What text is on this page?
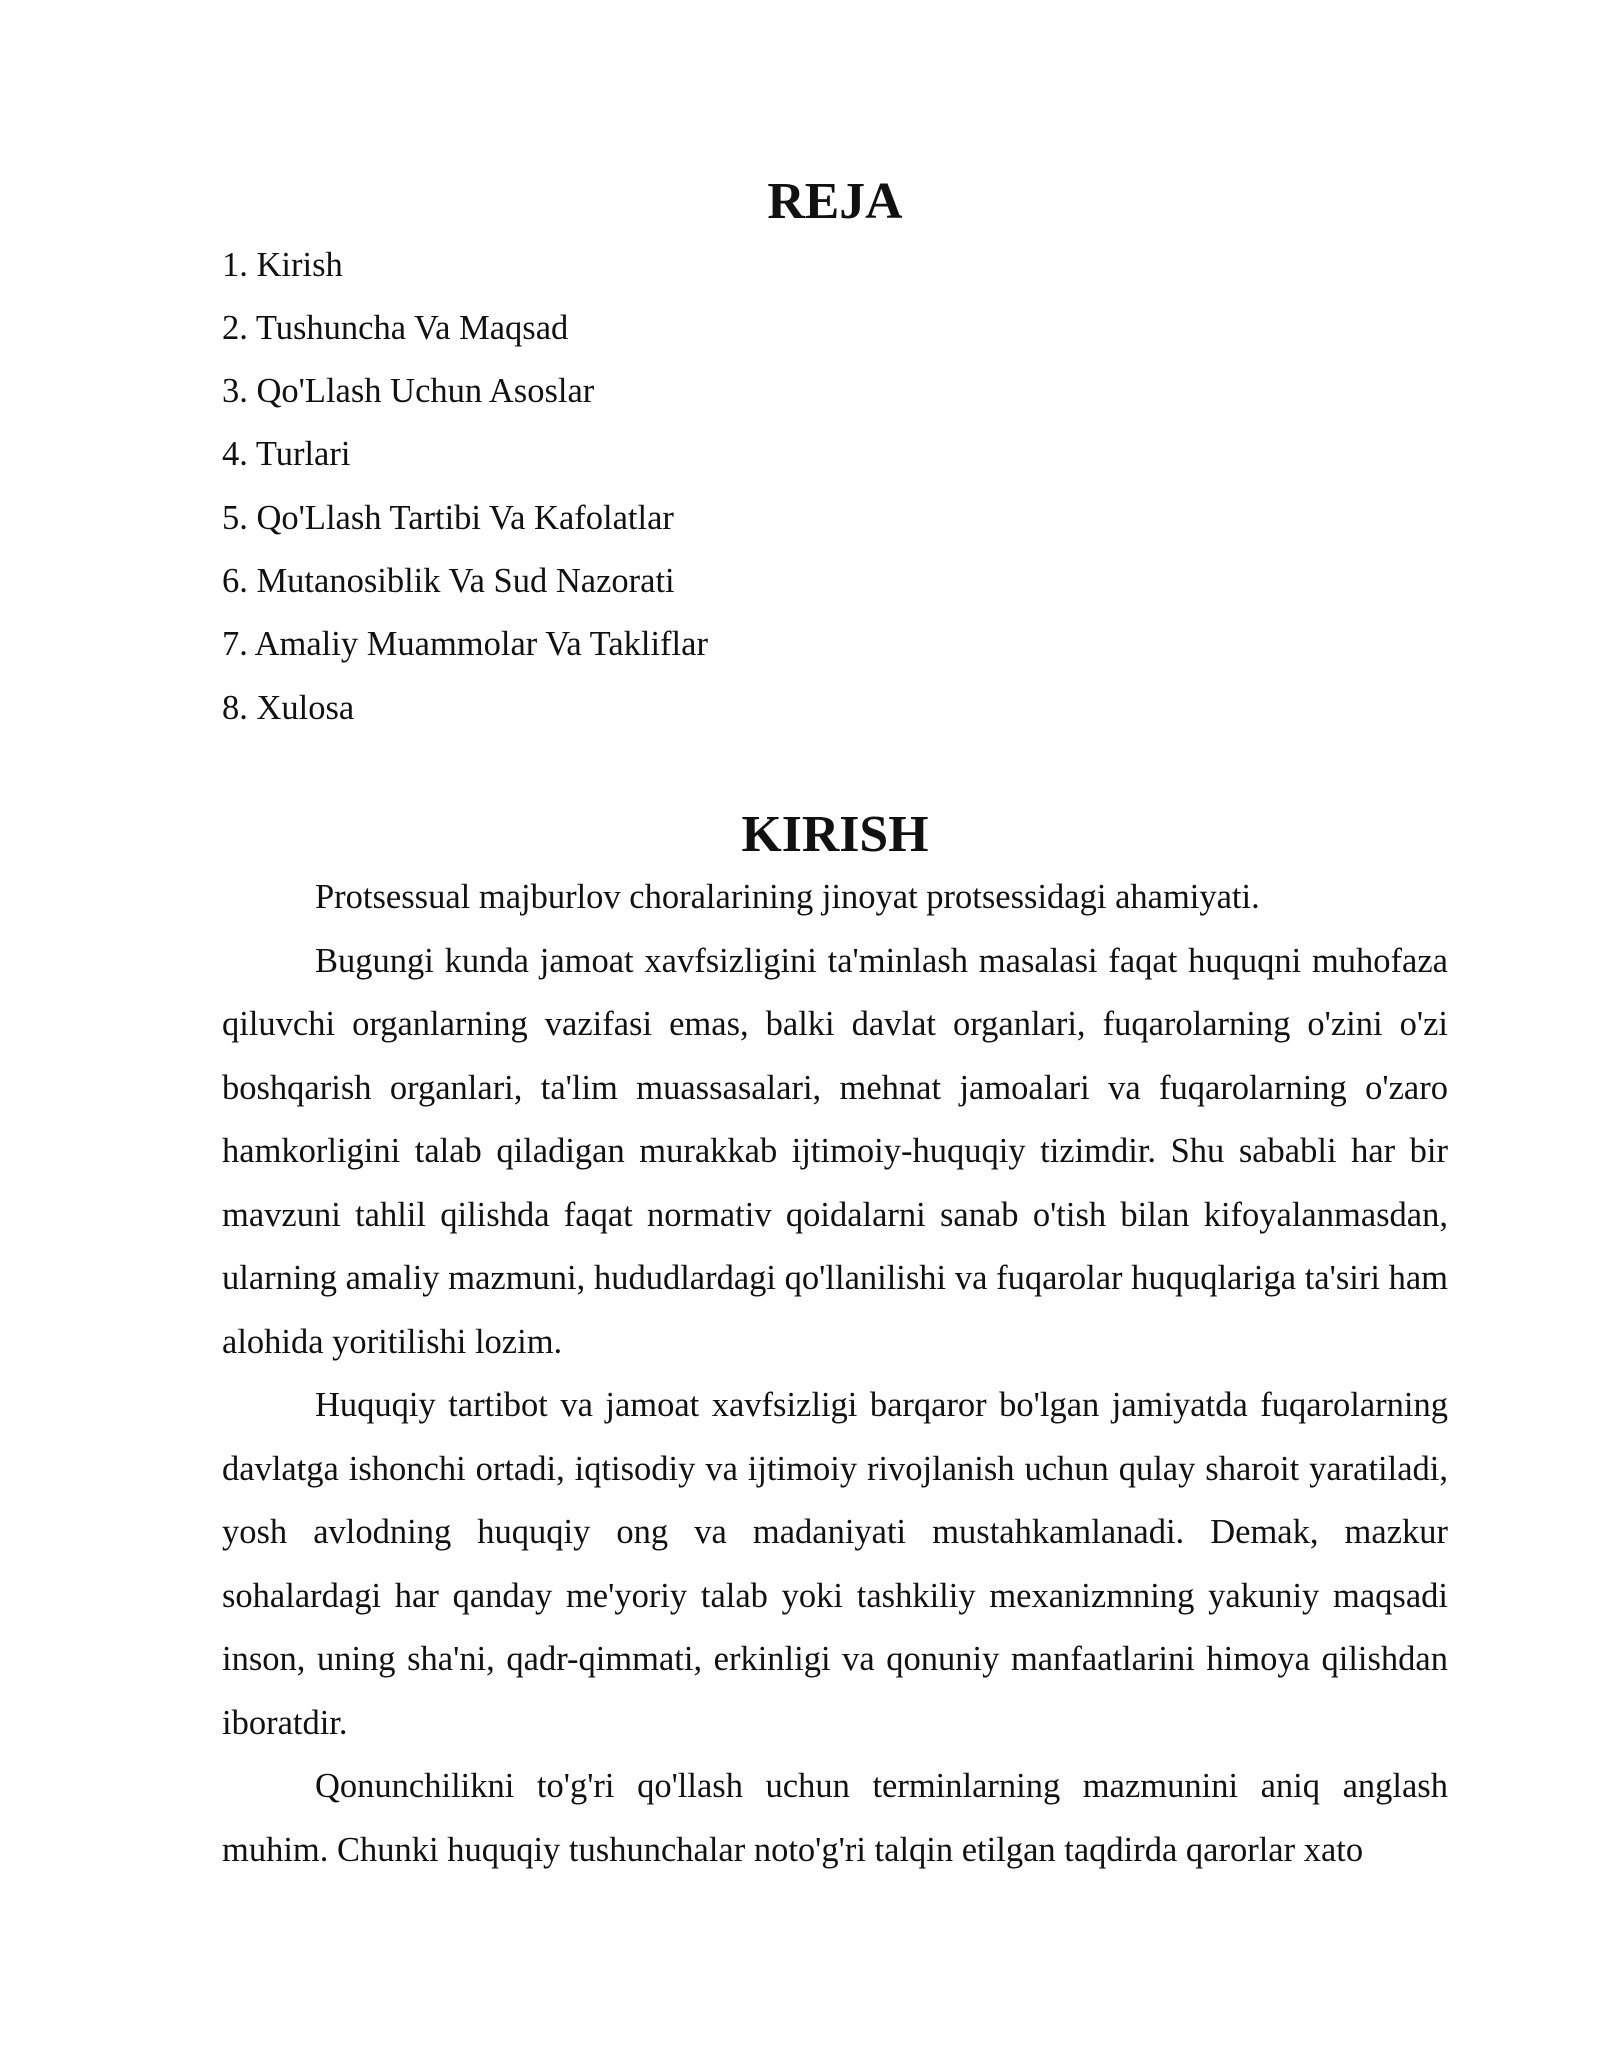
REJA
1. Kirish
2. Tushuncha Va Maqsad
3. Qo'Llash Uchun Asoslar
4. Turlari
5. Qo'Llash Tartibi Va Kafolatlar
6. Mutanosiblik Va Sud Nazorati
7. Amaliy Muammolar Va Takliflar
8. Xulosa
KIRISH

Protsessual majburlov choralarining jinoyat protsessidagi ahamiyati.

Bugungi kunda jamoat xavfsizligini ta'minlash masalasi faqat huquqni muhofaza qiluvchi organlarning vazifasi emas, balki davlat organlari, fuqarolarning o'zini o'zi boshqarish organlari, ta'lim muassasalari, mehnat jamoalari va fuqarolarning o'zaro hamkorligini talab qiladigan murakkab ijtimoiy-huquqiy tizimdir. Shu sababli har bir mavzuni tahlil qilishda faqat normativ qoidalarni sanab o'tish bilan kifoyalanmasdan, ularning amaliy mazmuni, hududlardagi qo'llanilishi va fuqarolar huquqlariga ta'siri ham alohida yoritilishi lozim.

Huquqiy tartibot va jamoat xavfsizligi barqaror bo'lgan jamiyatda fuqarolarning davlatga ishonchi ortadi, iqtisodiy va ijtimoiy rivojlanish uchun qulay sharoit yaratiladi, yosh avlodning huquqiy ong va madaniyati mustahkamlanadi. Demak, mazkur sohalardagi har qanday me'yoriy talab yoki tashkiliy mexanizmning yakuniy maqsadi inson, uning sha'ni, qadr-qimmati, erkinligi va qonuniy manfaatlarini himoya qilishdan iboratdir.

Qonunchilikni to'g'ri qo'llash uchun terminlarning mazmunini aniq anglash muhim. Chunki huquqiy tushunchalar noto'g'ri talqin etilgan taqdirda qarorlar xato
